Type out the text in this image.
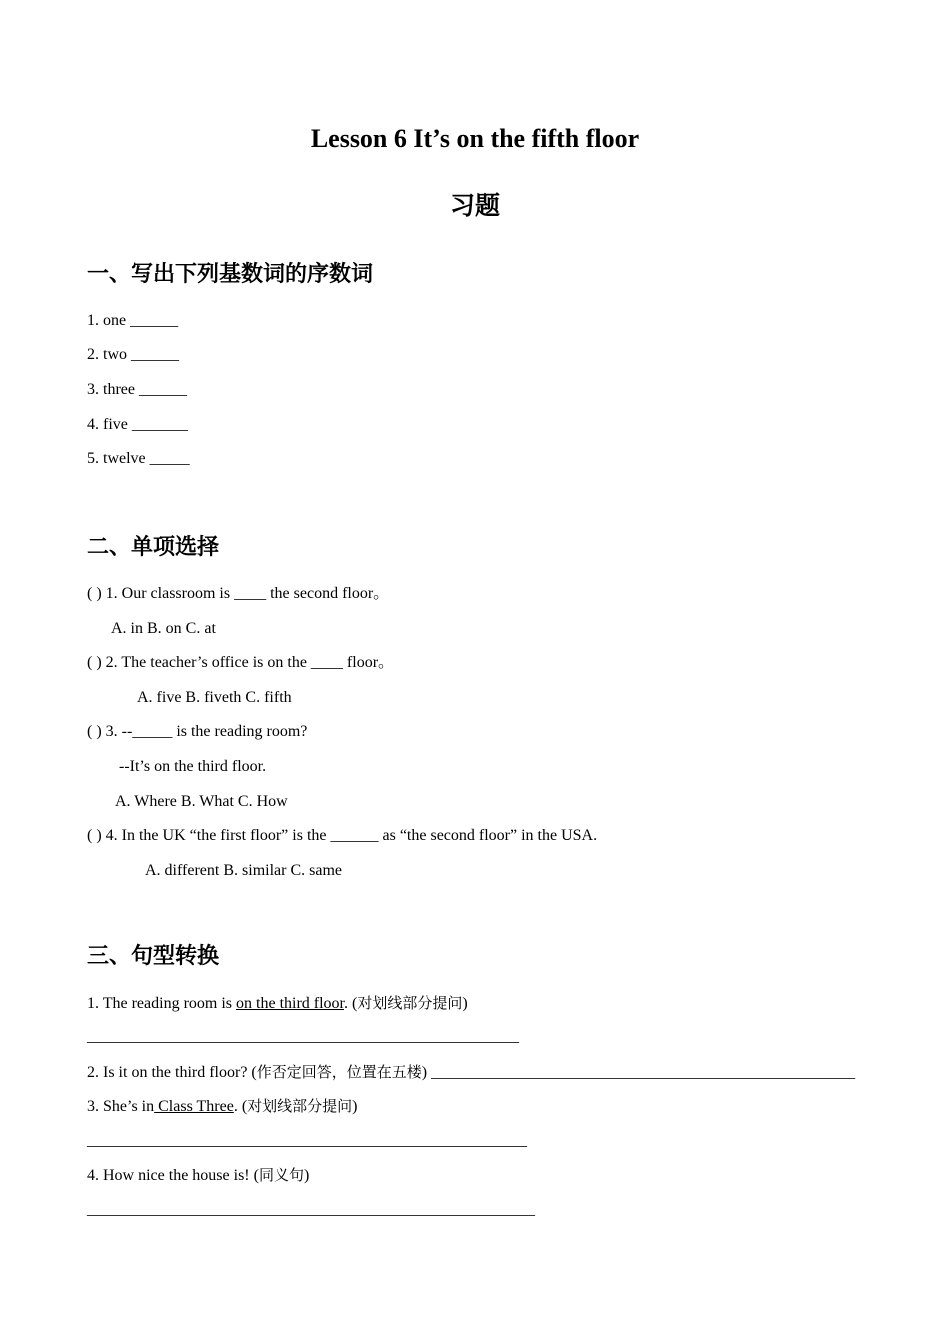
Lesson 6 It’s on the fifth floor
习题
一、写出下列基数词的序数词
1. one ______
2. two ______
3. three ______
4. five _______
5. twelve _____
二、单项选择
( ) 1. Our classroom is ____ the second floor。
A. in B. on C. at
( ) 2. The teacher’s office is on the ____ floor。
A. five B. fiveth C. fifth
( ) 3. --_____ is the reading room?
--It’s on the third floor.
A. Where B. What C. How
( ) 4. In the UK “the first floor” is the ______ as “the second floor” in the USA.
A. different B. similar C. same
三、句型转换
1. The reading room is on the third floor. (对划线部分提问)
______________________________________________________
2. Is it on the third floor? (作否定回答，位置在五楼) _____________________________________________________
3. She’s in Class Three. (对划线部分提问)
_______________________________________________________
4. How nice the house is! (同义句)
________________________________________________________
